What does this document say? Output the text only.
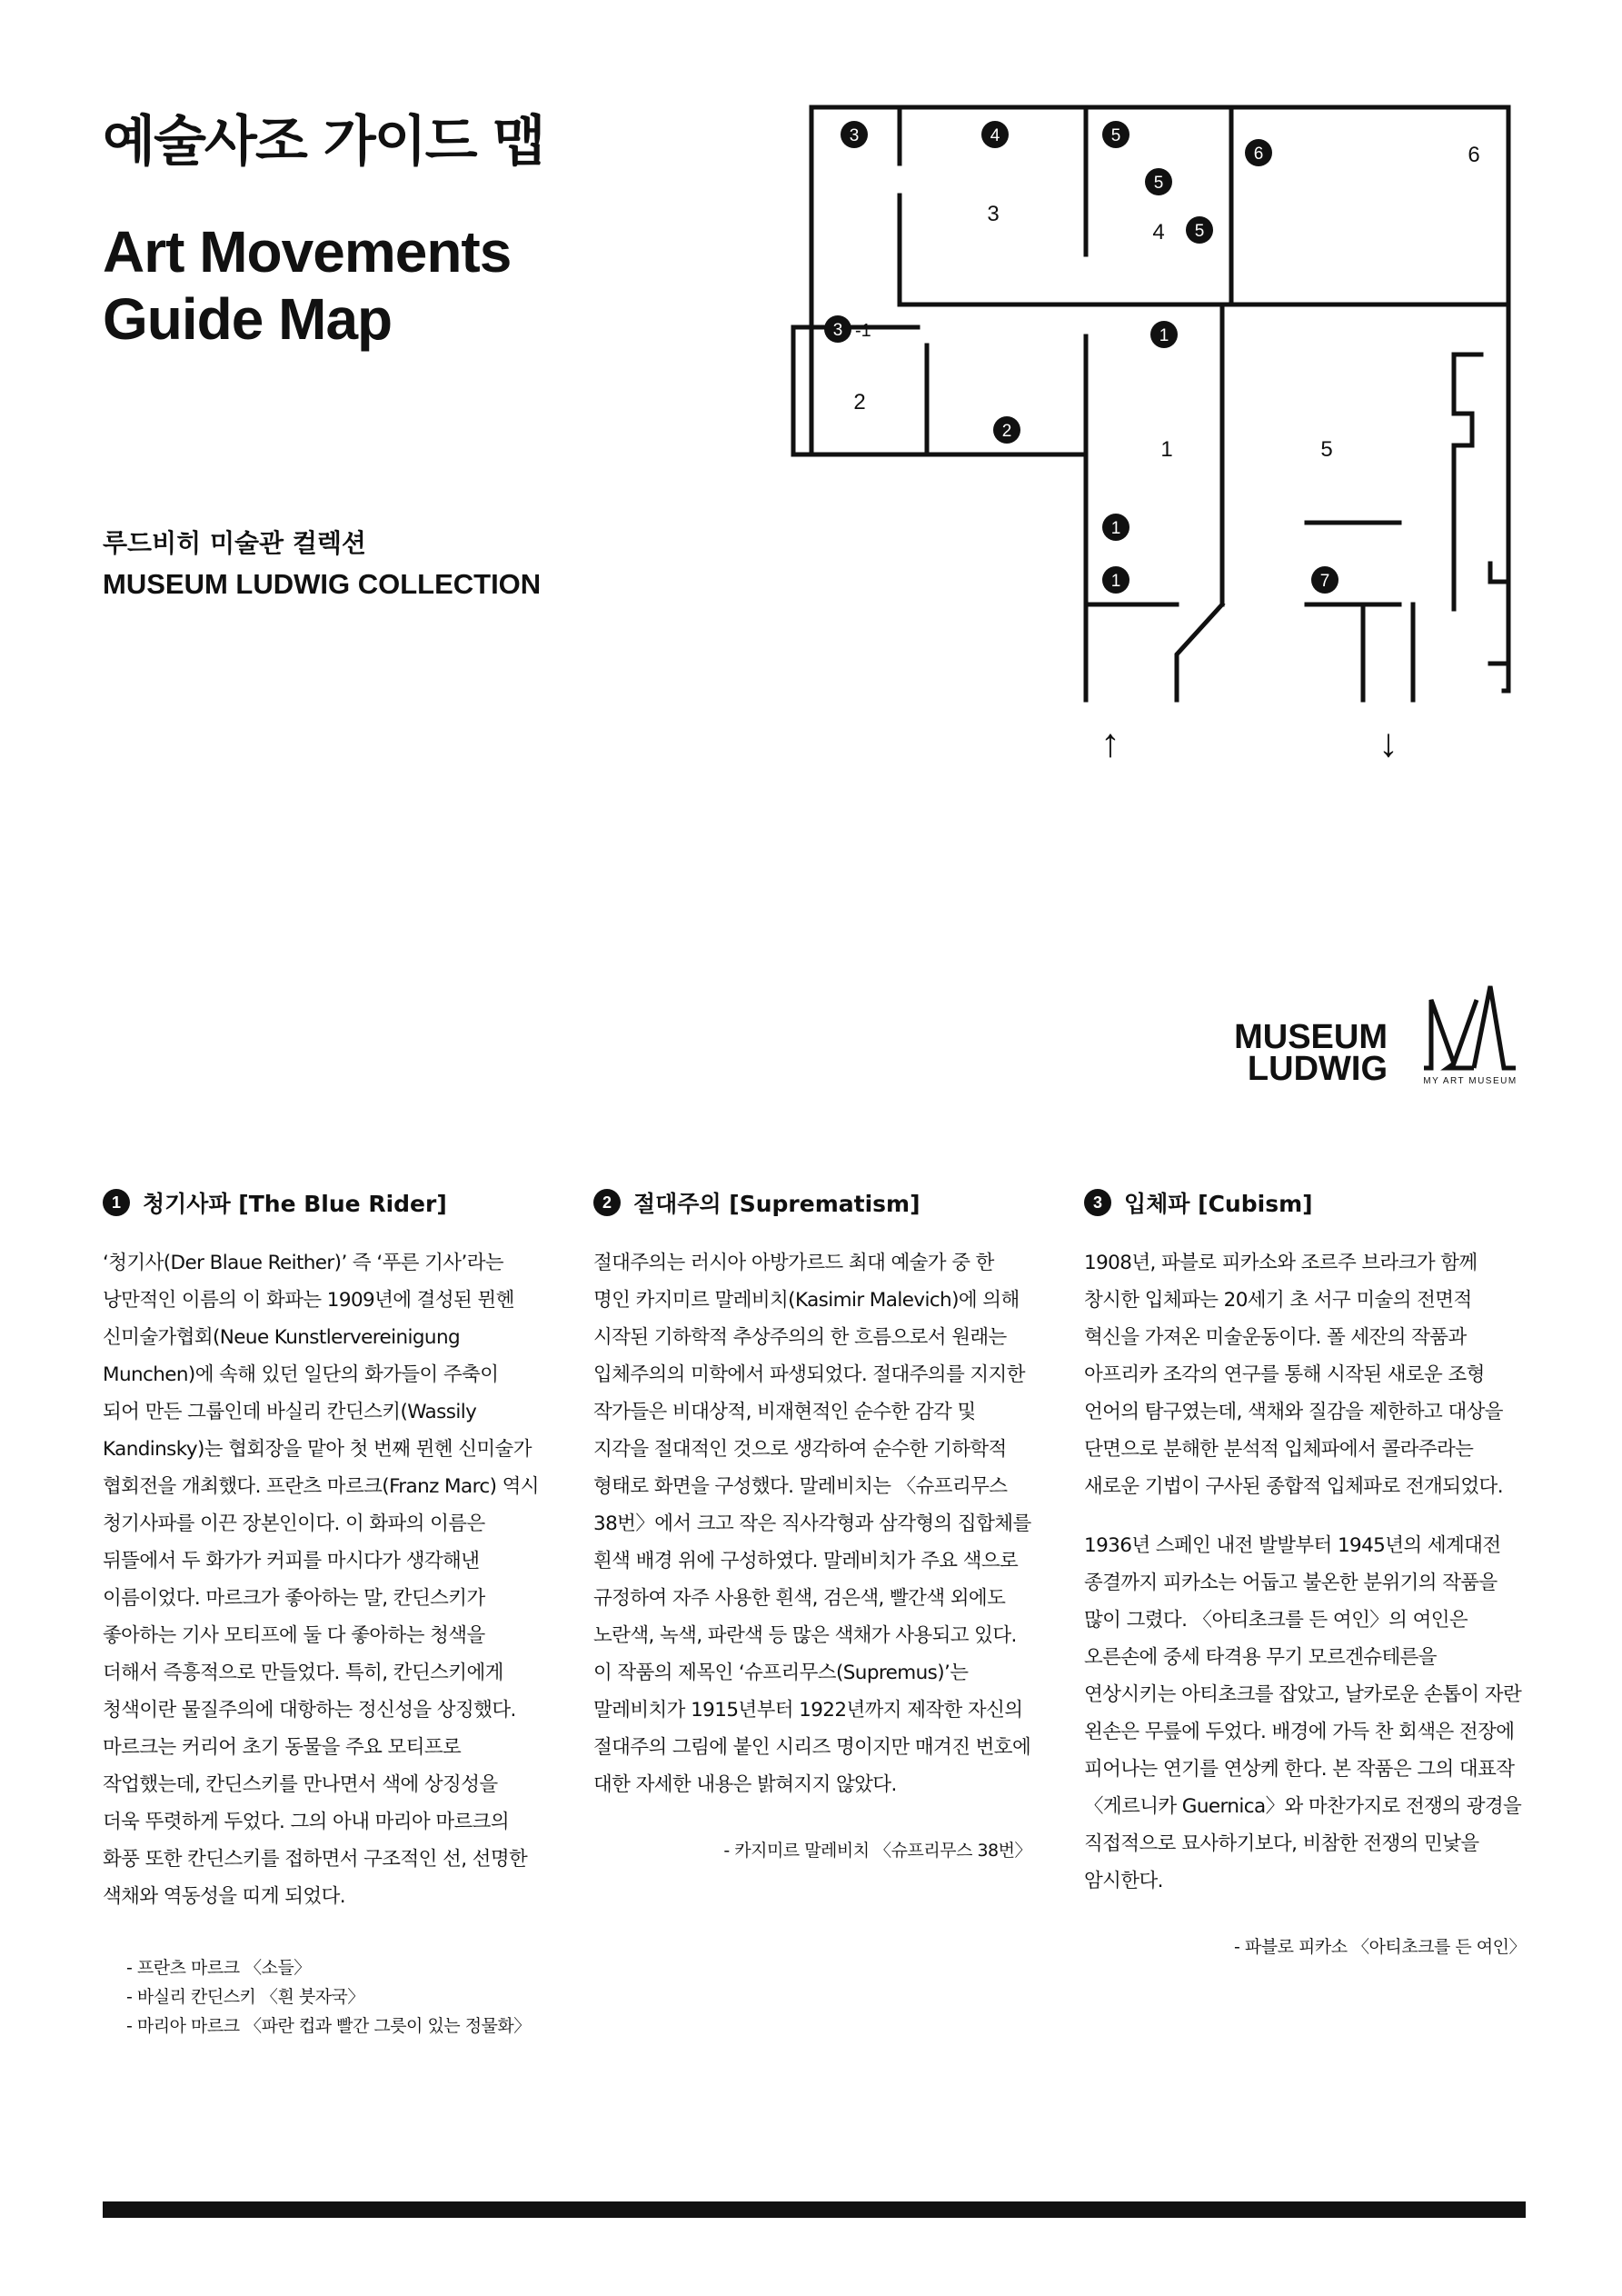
예술사조 가이드 맵
Art Movements
Guide Map
루드비히 미술관 컬렉션
MUSEUM LUDWIG COLLECTION
3
4
6
2
1	5
3	4	5
5
5
6
3 -1	1
2
1
1	7
↑	↓
MUSEUM
LUDWIG	MY ART MUSEUM
1 청기사파 [The Blue Rider]

‘청기사(Der Blaue Reither)’ 즉 ‘푸른 기사’라는 낭만적인 이름의 이 화파는 1909년에 결성된 뮌헨 신미술가협회(Neue Kunstlervereinigung Munchen)에 속해 있던 일단의 화가들이 주축이 되어 만든 그룹인데 바실리 칸딘스키(Wassily Kandinsky)는 협회장을 맡아 첫 번째 뮌헨 신미술가 협회전을 개최했다. 프란츠 마르크(Franz Marc) 역시 청기사파를 이끈 장본인이다. 이 화파의 이름은 뒤뜰에서 두 화가가 커피를 마시다가 생각해낸 이름이었다. 마르크가 좋아하는 말, 칸딘스키가 좋아하는 기사 모티프에 둘 다 좋아하는 청색을 더해서 즉흥적으로 만들었다. 특히, 칸딘스키에게 청색이란 물질주의에 대항하는 정신성을 상징했다. 마르크는 커리어 초기 동물을 주요 모티프로 작업했는데, 칸딘스키를 만나면서 색에 상징성을 더욱 뚜렷하게 두었다. 그의 아내 마리아 마르크의 화풍 또한 칸딘스키를 접하면서 구조적인 선, 선명한 색채와 역동성을 띠게 되었다.

- 프란츠 마르크 〈소들〉
- 바실리 칸딘스키 〈흰 붓자국〉
- 마리아 마르크 〈파란 컵과 빨간 그릇이 있는 정물화〉
2 절대주의 [Suprematism]

절대주의는 러시아 아방가르드 최대 예술가 중 한 명인 카지미르 말레비치(Kasimir Malevich)에 의해 시작된 기하학적 추상주의의 한 흐름으로서 원래는 입체주의의 미학에서 파생되었다. 절대주의를 지지한 작가들은 비대상적, 비재현적인 순수한 감각 및 지각을 절대적인 것으로 생각하여 순수한 기하학적 형태로 화면을 구성했다. 말레비치는 〈슈프리무스 38번〉에서 크고 작은 직사각형과 삼각형의 집합체를 흰색 배경 위에 구성하였다. 말레비치가 주요 색으로 규정하여 자주 사용한 흰색, 검은색, 빨간색 외에도 노란색, 녹색, 파란색 등 많은 색채가 사용되고 있다. 이 작품의 제목인 ‘슈프리무스(Supremus)’는 말레비치가 1915년부터 1922년까지 제작한 자신의 절대주의 그림에 붙인 시리즈 명이지만 매겨진 번호에 대한 자세한 내용은 밝혀지지 않았다.

- 카지미르 말레비치 〈슈프리무스 38번〉
3 입체파 [Cubism]

1908년, 파블로 피카소와 조르주 브라크가 함께 창시한 입체파는 20세기 초 서구 미술의 전면적 혁신을 가져온 미술운동이다. 폴 세잔의 작품과 아프리카 조각의 연구를 통해 시작된 새로운 조형 언어의 탐구였는데, 색채와 질감을 제한하고 대상을 단면으로 분해한 분석적 입체파에서 콜라주라는 새로운 기법이 구사된 종합적 입체파로 전개되었다.

1936년 스페인 내전 발발부터 1945년의 세계대전 종결까지 피카소는 어둡고 불온한 분위기의 작품을 많이 그렸다. 〈아티초크를 든 여인〉의 여인은 오른손에 중세 타격용 무기 모르겐슈테른을 연상시키는 아티초크를 잡았고, 날카로운 손톱이 자란 왼손은 무릎에 두었다. 배경에 가득 찬 회색은 전장에 피어나는 연기를 연상케 한다. 본 작품은 그의 대표작 〈게르니카 Guernica〉와 마찬가지로 전쟁의 광경을 직접적으로 묘사하기보다, 비참한 전쟁의 민낯을 암시한다.

- 파블로 피카소 〈아티초크를 든 여인〉
